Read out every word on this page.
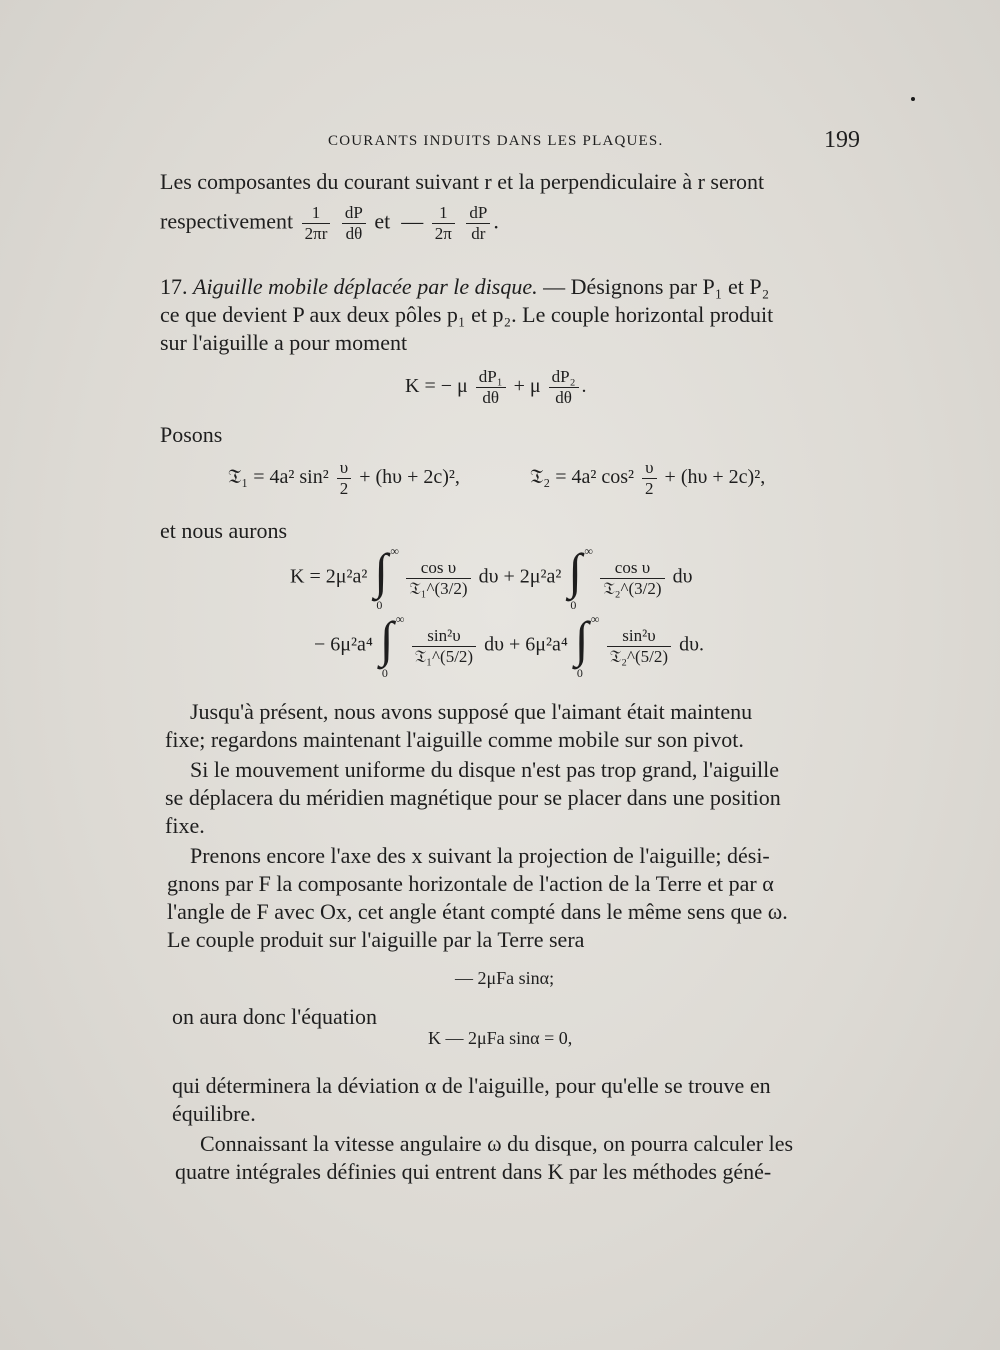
COURANTS INDUITS DANS LES PLAQUES.	199
Les composantes du courant suivant r et la perpendiculaire à r seront
respectivement $\frac{1}{2\pi r}$
$\frac{dP}{d\theta}$ et  — $\frac{1}{2\pi}$
$\frac{dP}{dr}$ .
17. Aiguille mobile déplacée par le disque. — Désignons par P₁ et P₂
ce que devient P aux deux pôles p₁ et p₂. Le couple horizontal produit
sur l'aiguille a pour moment
K = − μ $\frac{\text{dP₁}}{d\theta} + \mu \frac{\text{dP₂}}{d\theta}$ .
Posons
𝔗₁ = 4a² $\sin^2 \frac{\upsilon}{2} + (h\upsilon + 2c)^2$,	𝔗₂ = 4a² $\cos^2 \frac{\upsilon}{2} + (h\upsilon + 2c)^2$,
et nous aurons
K = 2μ²a² ∫ ∞
0

$\frac{\text{cos υ}}{\text{𝔗₁\textasciicircum{}(3/2)}}$ dυ + 2μ²a² ∫ ∞
0

$\frac{\text{cos υ}}{\text{𝔗₂\textasciicircum{}(3/2)}}$ dυ
− 6μ²a⁴ ∫ ∞
0

$\frac{\text{sin²υ}}{\text{𝔗₁\textasciicircum{}(5/2)}}$ dυ + 6μ²a⁴ ∫ ∞
0

$\frac{\text{sin²υ}}{\text{𝔗₂\textasciicircum{}(5/2)}} d\upsilon$.
Jusqu'à présent, nous avons supposé que l'aimant était maintenu
fixe; regardons maintenant l'aiguille comme mobile sur son pivot.
Si le mouvement uniforme du disque n'est pas trop grand, l'aiguille
se déplacera du méridien magnétique pour se placer dans une position
fixe.
Prenons encore l'axe des x suivant la projection de l'aiguille; dési-
gnons par F la composante horizontale de l'action de la Terre et par α
l'angle de F avec Ox, cet angle étant compté dans le même sens que ω.
Le couple produit sur l'aiguille par la Terre sera
— 2μFa sinα;
on aura donc l'équation
K — 2μFa sinα = 0,
qui déterminera la déviation α de l'aiguille, pour qu'elle se trouve en
équilibre.
Connaissant la vitesse angulaire ω du disque, on pourra calculer les
quatre intégrales définies qui entrent dans K par les méthodes géné-
